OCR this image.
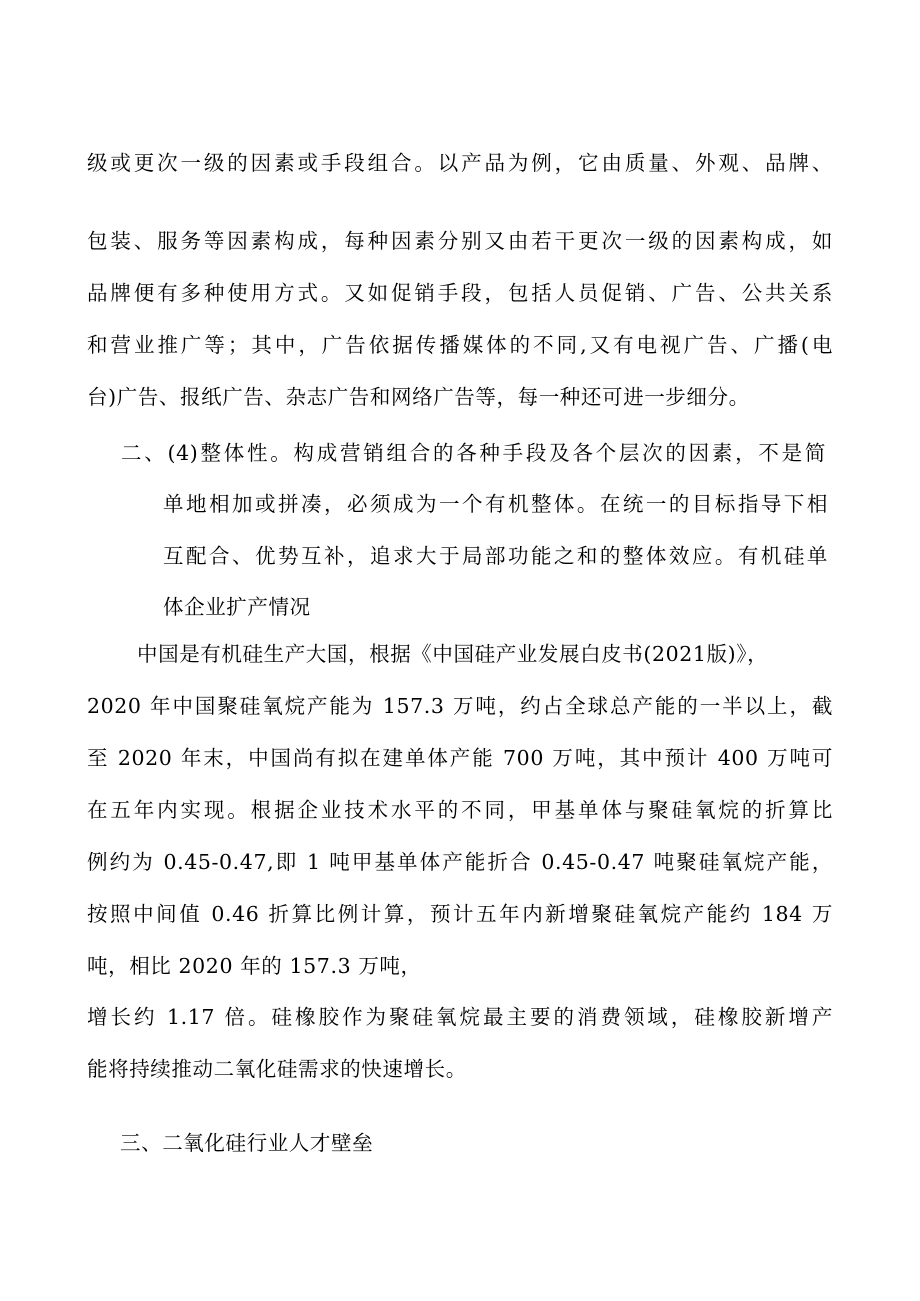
级或更次一级的因素或手段组合。以产品为例，它由质量、外观、品牌、
包装、服务等因素构成，每种因素分别又由若干更次一级的因素构成，如
品牌便有多种使用方式。又如促销手段，包括人员促销、广告、公共关系
和营业推广等；其中，广告依据传播媒体的不同,又有电视广告、广播(电
台)广告、报纸广告、杂志广告和网络广告等，每一种还可进一步细分。
二、(4)整体性。构成营销组合的各种手段及各个层次的因素，不是简
单地相加或拼凑，必须成为一个有机整体。在统一的目标指导下相
互配合、优势互补，追求大于局部功能之和的整体效应。有机硅单
体企业扩产情况
中国是有机硅生产大国，根据《中国硅产业发展白皮书(2021版)》，
2020 年中国聚硅氧烷产能为 157.3 万吨，约占全球总产能的一半以上，截
至 2020 年末，中国尚有拟在建单体产能 700 万吨，其中预计 400 万吨可
在五年内实现。根据企业技术水平的不同，甲基单体与聚硅氧烷的折算比
例约为 0.45-0.47,即 1 吨甲基单体产能折合 0.45-0.47 吨聚硅氧烷产能，
按照中间值 0.46 折算比例计算，预计五年内新增聚硅氧烷产能约 184 万
吨，相比 2020 年的 157.3 万吨，
增长约 1.17 倍。硅橡胶作为聚硅氧烷最主要的消费领域，硅橡胶新增产
能将持续推动二氧化硅需求的快速增长。
三、二氧化硅行业人才壁垒
